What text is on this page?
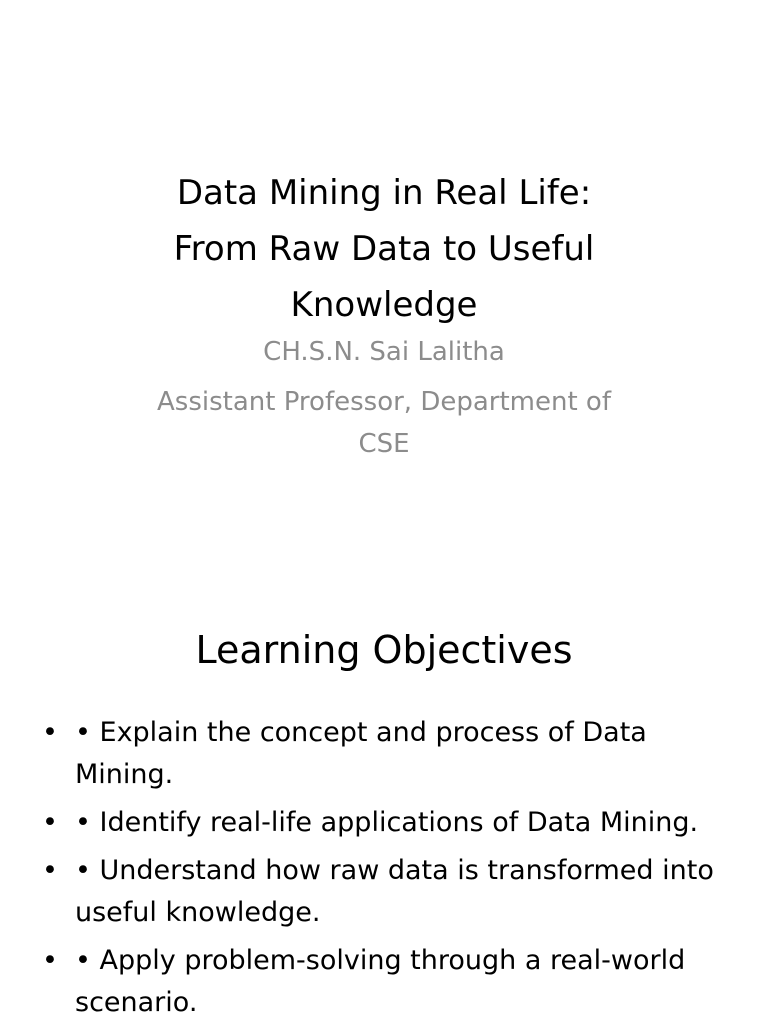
Data Mining in Real Life:
From Raw Data to Useful
Knowledge

CH.S.N. Sai Lalitha

Assistant Professor, Department of
CSE

Learning Objectives
• • Explain the concept and process of Data Mining.
• • Identify real-life applications of Data Mining.
• • Understand how raw data is transformed into useful knowledge.
• • Apply problem-solving through a real-world scenario.
